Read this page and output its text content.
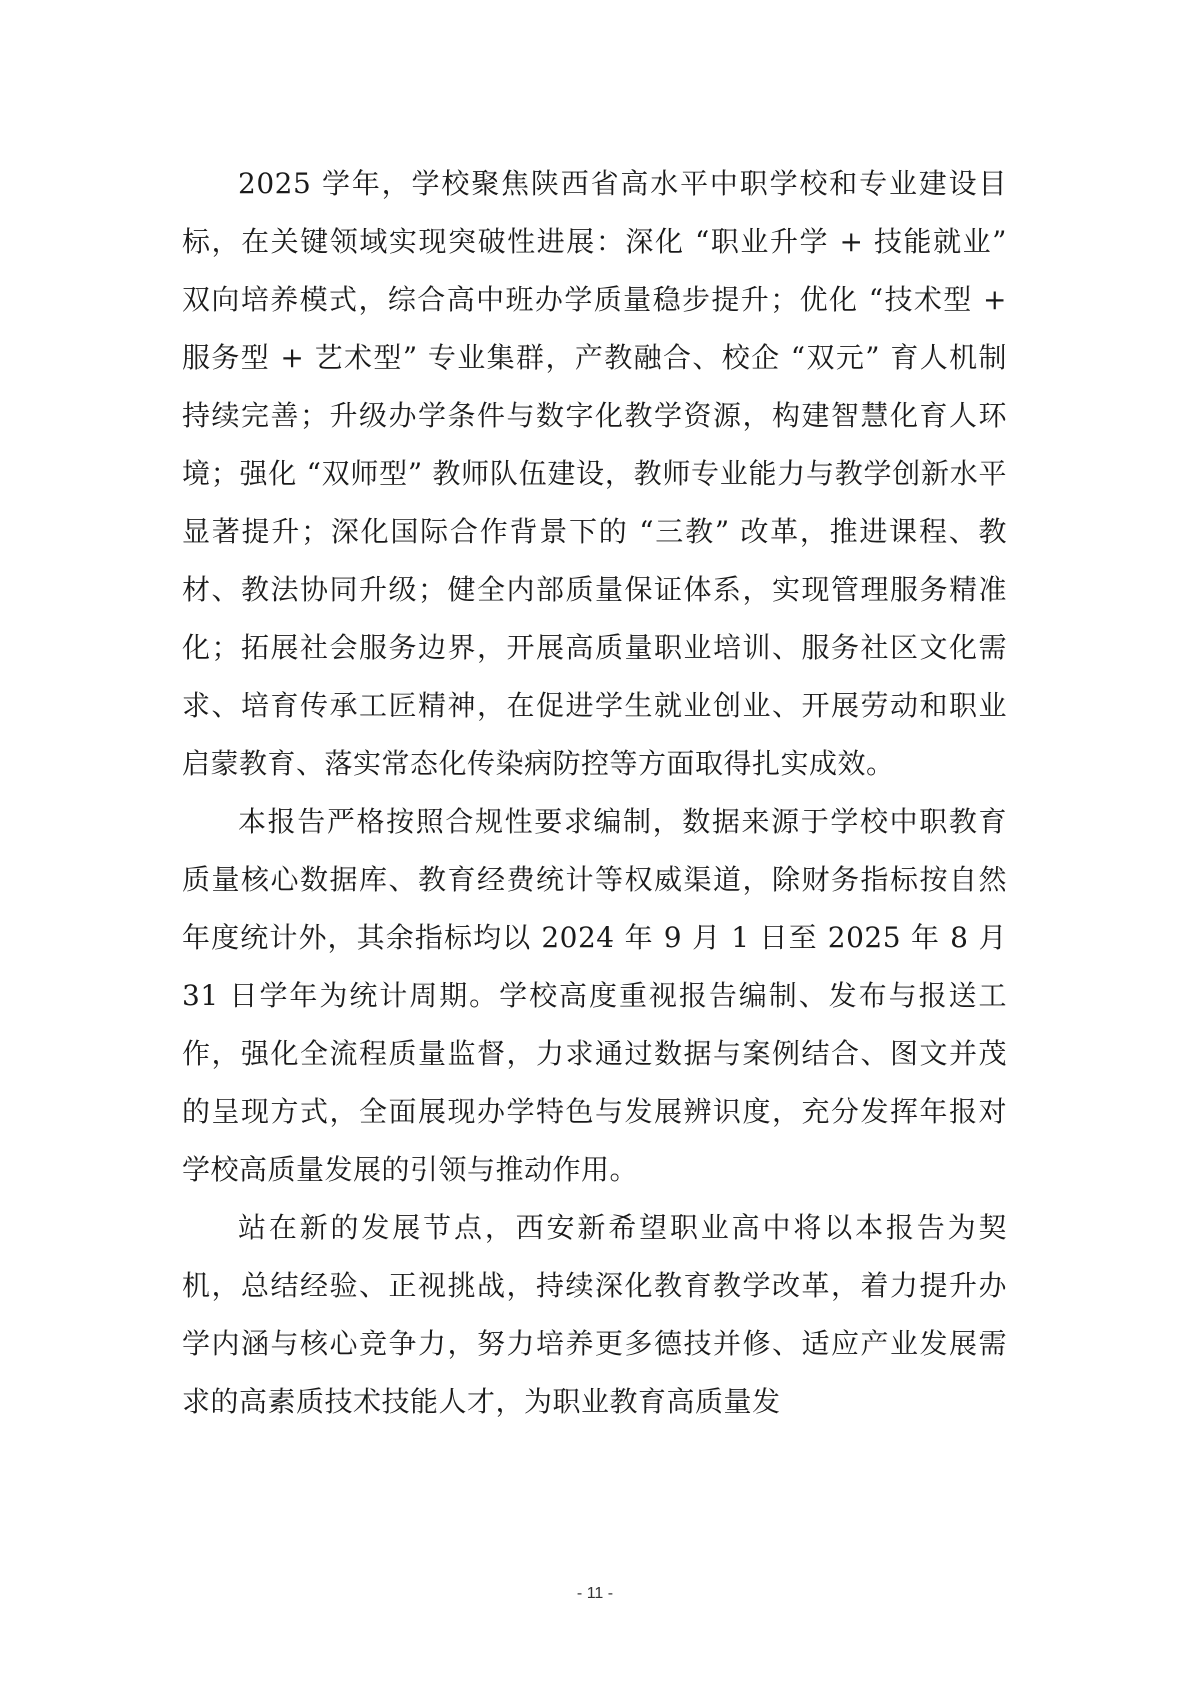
2025 学年，学校聚焦陕西省高水平中职学校和专业建设目标，在关键领域实现突破性进展：深化 “职业升学 + 技能就业” 双向培养模式，综合高中班办学质量稳步提升；优化 “技术型 + 服务型 + 艺术型” 专业集群，产教融合、校企 “双元” 育人机制持续完善；升级办学条件与数字化教学资源，构建智慧化育人环境；强化 “双师型” 教师队伍建设，教师专业能力与教学创新水平显著提升；深化国际合作背景下的 “三教” 改革，推进课程、教材、教法协同升级；健全内部质量保证体系，实现管理服务精准化；拓展社会服务边界，开展高质量职业培训、服务社区文化需求、培育传承工匠精神，在促进学生就业创业、开展劳动和职业启蒙教育、落实常态化传染病防控等方面取得扎实成效。

本报告严格按照合规性要求编制，数据来源于学校中职教育质量核心数据库、教育经费统计等权威渠道，除财务指标按自然年度统计外，其余指标均以 2024 年 9 月 1 日至 2025 年 8 月 31 日学年为统计周期。学校高度重视报告编制、发布与报送工作，强化全流程质量监督，力求通过数据与案例结合、图文并茂的呈现方式，全面展现办学特色与发展辨识度，充分发挥年报对学校高质量发展的引领与推动作用。

站在新的发展节点，西安新希望职业高中将以本报告为契机，总结经验、正视挑战，持续深化教育教学改革，着力提升办学内涵与核心竞争力，努力培养更多德技并修、适应产业发展需求的高素质技术技能人才，为职业教育高质量发

- 11 -
